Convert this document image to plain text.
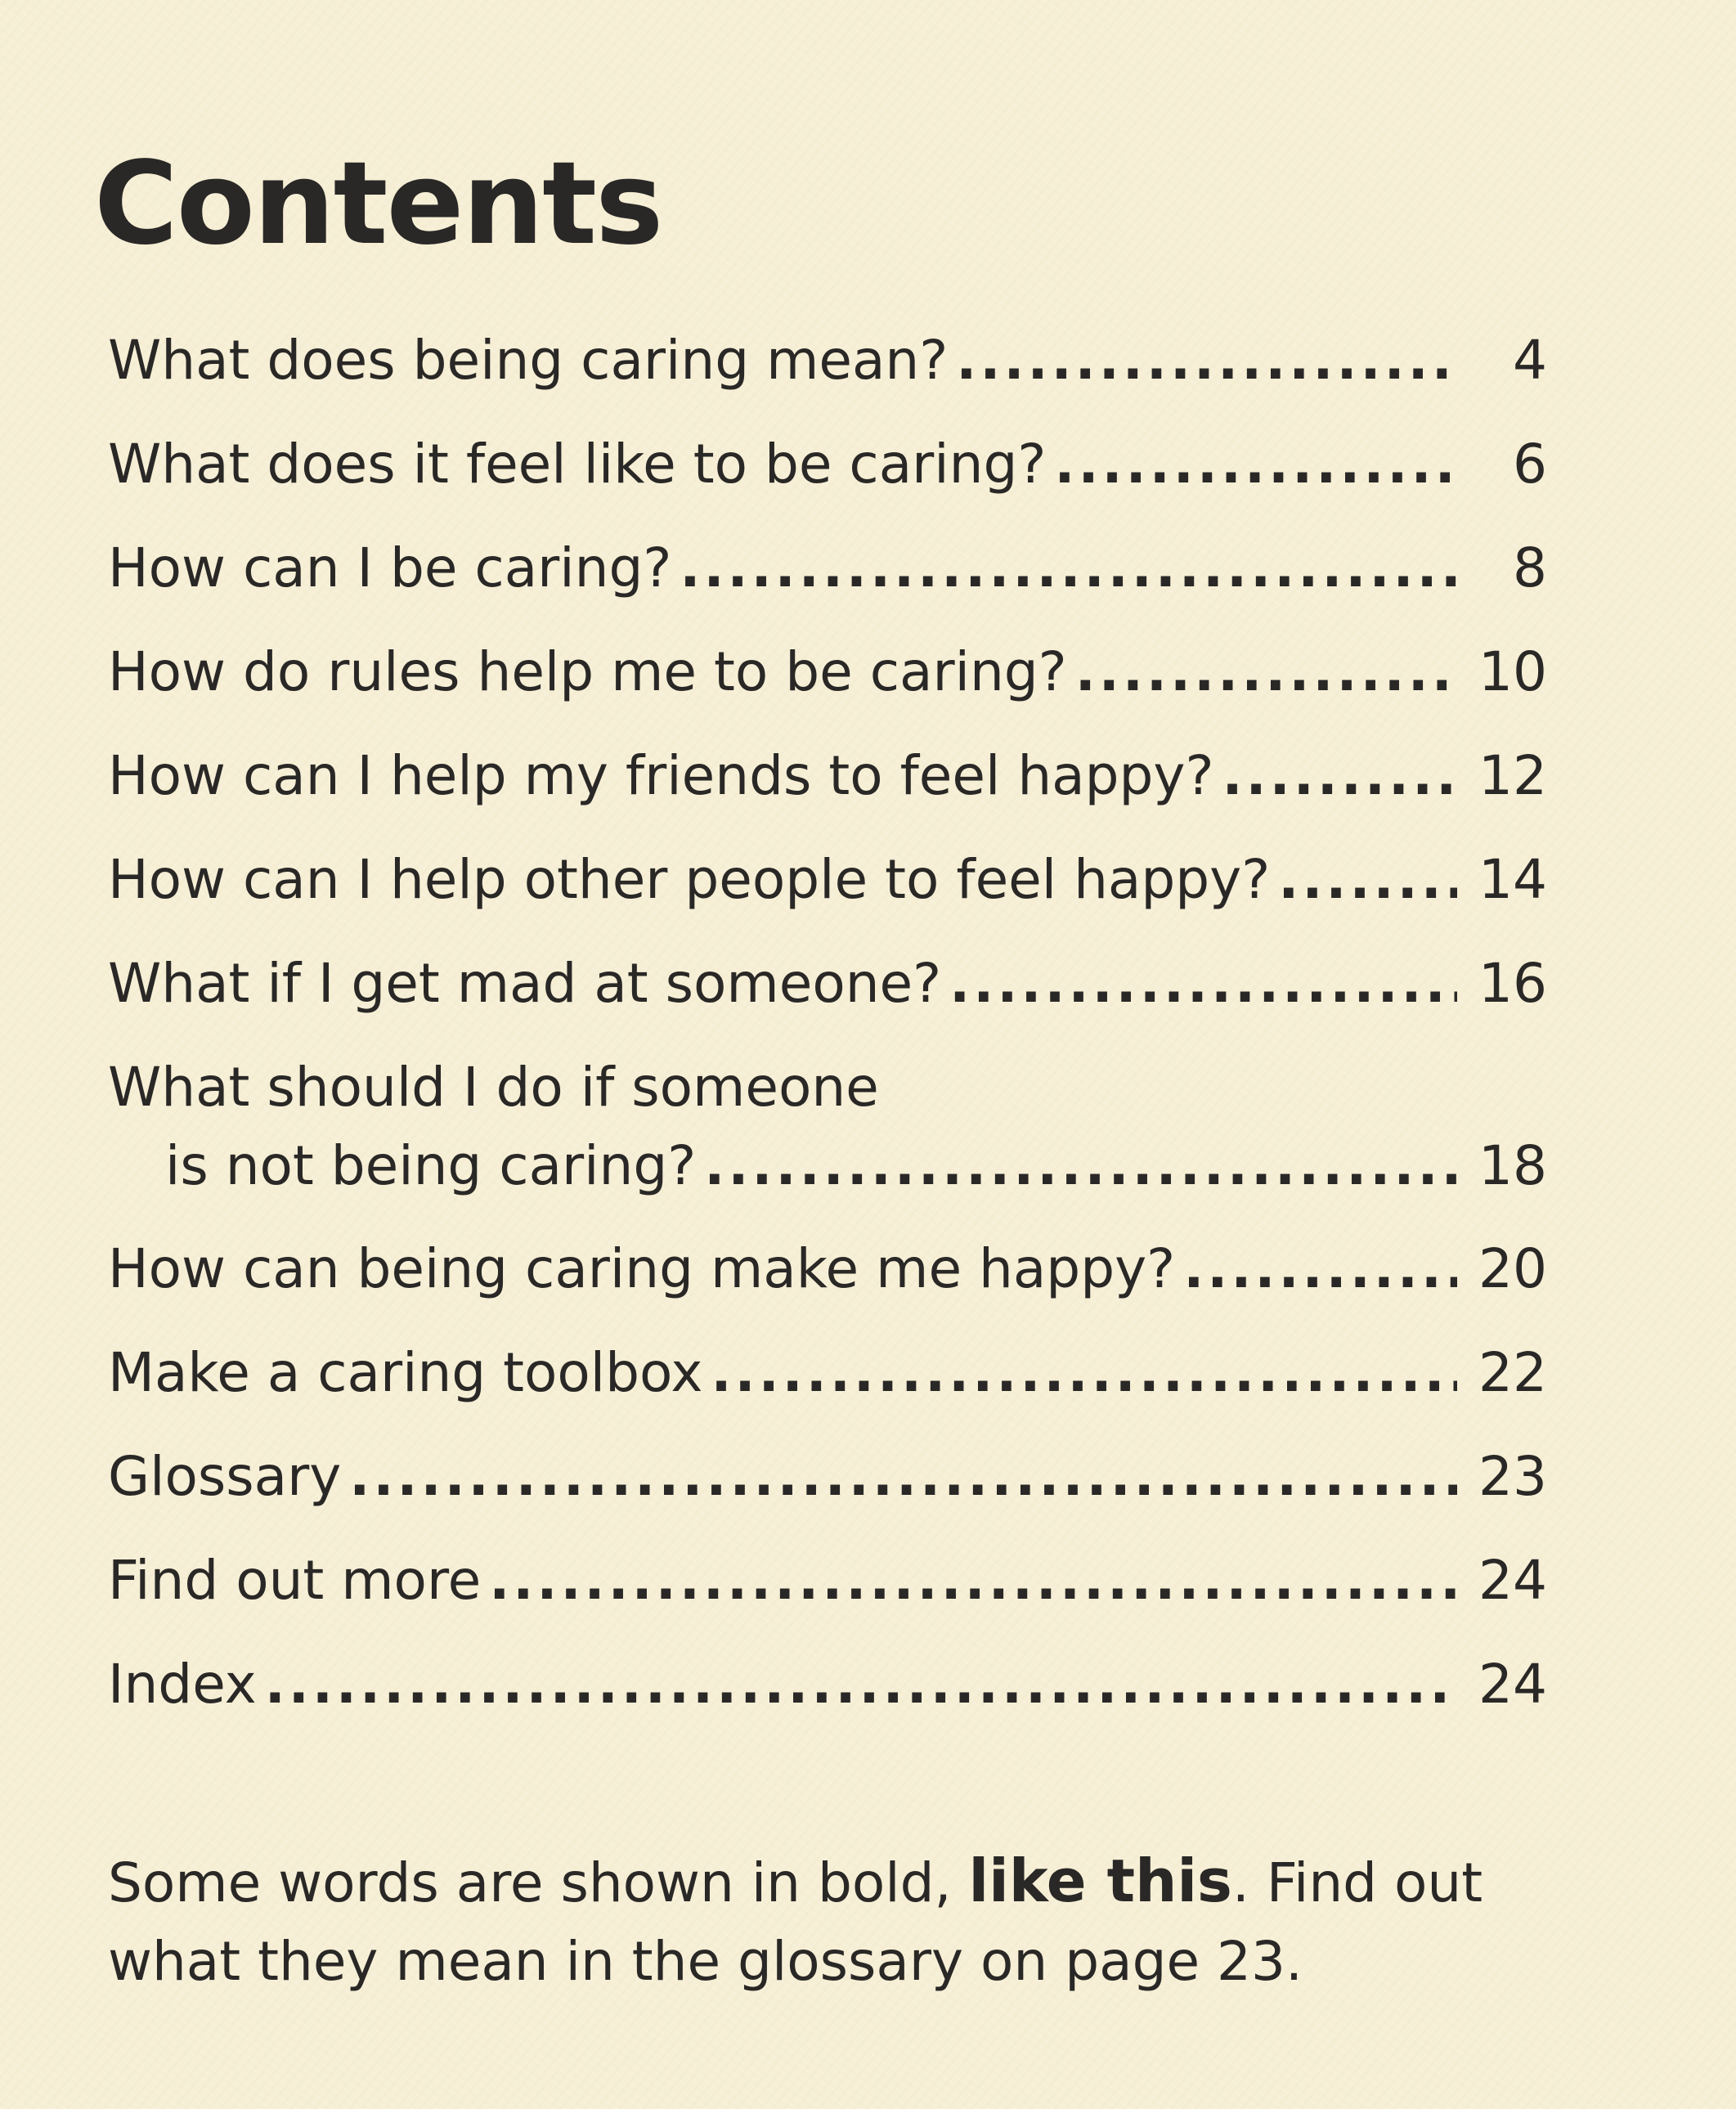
Contents
What does being caring mean? .....	4
What does it feel like to be caring? .....	6
How can I be caring? .....	8
How do rules help me to be caring? .....	10
How can I help my friends to feel happy? .....	12
How can I help other people to feel happy? .....	14
What if I get mad at someone? .....	16
What should I do if someone
is not being caring? .....	18
How can being caring make me happy? .....	20
Make a caring toolbox .....	22
Glossary .....	23
Find out more .....	24
Index .....	24
Some words are shown in bold, like this. Find out what they mean in the glossary on page 23.
